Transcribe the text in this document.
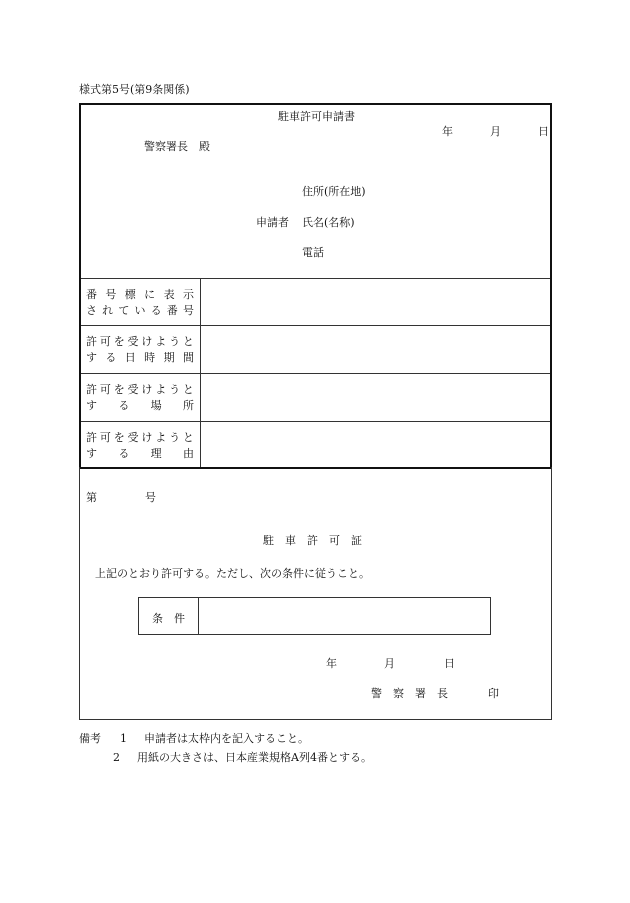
様式第5号(第9条関係)
駐車許可申請書
年	月	日
警察署長　殿
住所(所在地)
申請者 氏名(名称)
電話
番 号 標 に 表 示
さ れ て い る 番 号
許 可 を 受 け よ う と
す る 日 時 期 間
許 可 を 受 け よ う と
す る 場 所
許 可 を 受 け よ う と
す る 理 由
第	号
駐　車　許　可　証
上記のとおり許可する。ただし、次の条件に従うこと。
年	月	日
警　察　署　長	印
条　件
備考 1 申請者は太枠内を記入すること。
2 用紙の大きさは、日本産業規格A列4番とする。
